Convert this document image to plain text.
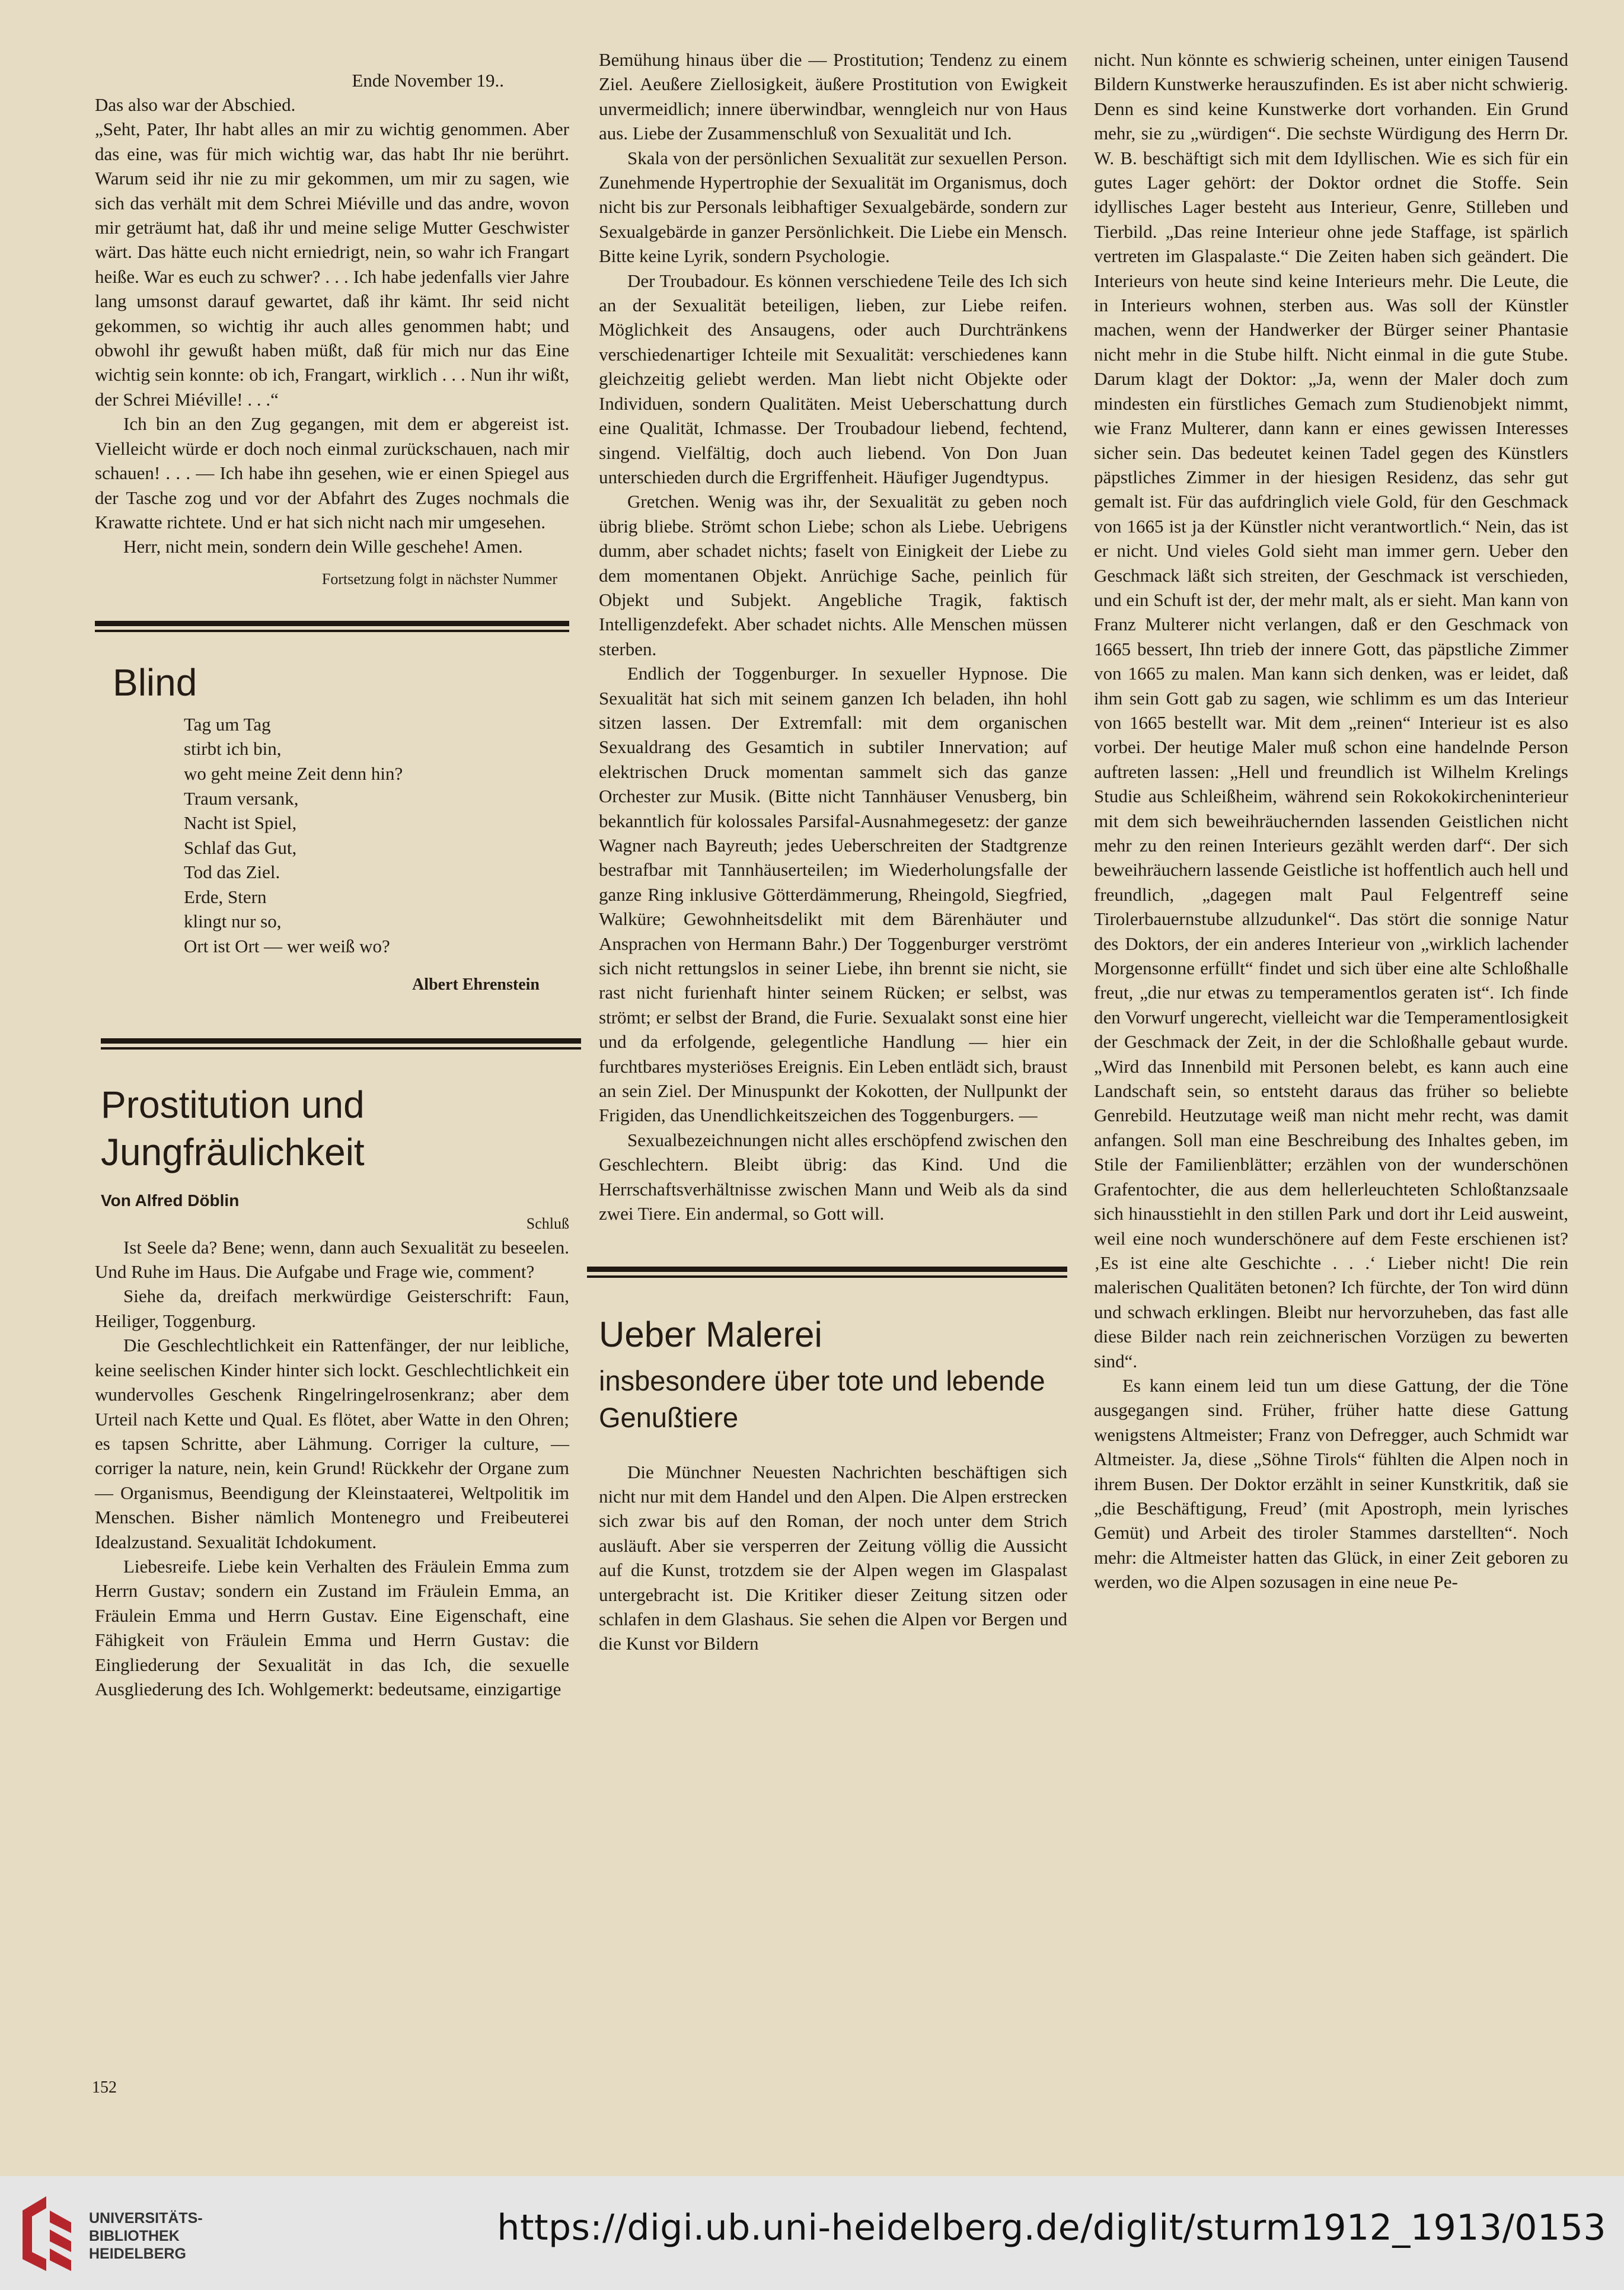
Ende November 19..

Das also war der Abschied.

„Seht, Pater, Ihr habt alles an mir zu wichtig genommen. Aber das eine, was für mich wichtig war, das habt Ihr nie berührt. Warum seid ihr nie zu mir gekommen, um mir zu sagen, wie sich das verhält mit dem Schrei Miéville und das andre, wovon mir geträumt hat, daß ihr und meine selige Mutter Geschwister wärt. Das hätte euch nicht erniedrigt, nein, so wahr ich Frangart heiße. War es euch zu schwer? . . . Ich habe jedenfalls vier Jahre lang umsonst darauf gewartet, daß ihr kämt. Ihr seid nicht gekommen, so wichtig ihr auch alles genommen habt; und obwohl ihr gewußt haben müßt, daß für mich nur das Eine wichtig sein konnte: ob ich, Frangart, wirklich . . . Nun ihr wißt, der Schrei Miéville! . . .“

Ich bin an den Zug gegangen, mit dem er abgereist ist. Vielleicht würde er doch noch einmal zurückschauen, nach mir schauen! . . . — Ich habe ihn gesehen, wie er einen Spiegel aus der Tasche zog und vor der Abfahrt des Zuges nochmals die Krawatte richtete. Und er hat sich nicht nach mir umgesehen.

Herr, nicht mein, sondern dein Wille geschehe! Amen.

Fortsetzung folgt in nächster Nummer

Blind
Tag um Tag
stirbt ich bin,
wo geht meine Zeit denn hin?
Traum versank,
Nacht ist Spiel,
Schlaf das Gut,
Tod das Ziel.
Erde, Stern
klingt nur so,
Ort ist Ort — wer weiß wo?

Albert Ehrenstein

Prostitution und Jungfräulichkeit

Von Alfred Döblin

Schluß

Ist Seele da? Bene; wenn, dann auch Sexualität zu beseelen. Und Ruhe im Haus. Die Aufgabe und Frage wie, comment?

Siehe da, dreifach merkwürdige Geisterschrift: Faun, Heiliger, Toggenburg.

Die Geschlechtlichkeit ein Rattenfänger, der nur leibliche, keine seelischen Kinder hinter sich lockt. Geschlechtlichkeit ein wundervolles Geschenk Ringelringelrosenkranz; aber dem Urteil nach Kette und Qual. Es flötet, aber Watte in den Ohren; es tapsen Schritte, aber Lähmung. Corriger la culture, — corriger la nature, nein, kein Grund! Rückkehr der Organe zum — Organismus, Beendigung der Kleinstaaterei, Weltpolitik im Menschen. Bisher nämlich Montenegro und Freibeuterei Idealzustand. Sexualität Ichdokument.

Liebesreife. Liebe kein Verhalten des Fräulein Emma zum Herrn Gustav; sondern ein Zustand im Fräulein Emma, an Fräulein Emma und Herrn Gustav. Eine Eigenschaft, eine Fähigkeit von Fräulein Emma und Herrn Gustav: die Eingliederung der Sexualität in das Ich, die sexuelle Ausgliederung des Ich. Wohlgemerkt: bedeutsame, einzigartige

Bemühung hinaus über die — Prostitution; Tendenz zu einem Ziel. Aeußere Ziellosigkeit, äußere Prostitution von Ewigkeit unvermeidlich; innere überwindbar, wenngleich nur von Haus aus. Liebe der Zusammenschluß von Sexualität und Ich.

Skala von der persönlichen Sexualität zur sexuellen Person. Zunehmende Hypertrophie der Sexualität im Organismus, doch nicht bis zur Personals leibhaftiger Sexualgebärde, sondern zur Sexualgebärde in ganzer Persönlichkeit. Die Liebe ein Mensch. Bitte keine Lyrik, sondern Psychologie.

Der Troubadour. Es können verschiedene Teile des Ich sich an der Sexualität beteiligen, lieben, zur Liebe reifen. Möglichkeit des Ansaugens, oder auch Durchtränkens verschiedenartiger Ichteile mit Sexualität: verschiedenes kann gleichzeitig geliebt werden. Man liebt nicht Objekte oder Individuen, sondern Qualitäten. Meist Ueberschattung durch eine Qualität, Ichmasse. Der Troubadour liebend, fechtend, singend. Vielfältig, doch auch liebend. Von Don Juan unterschieden durch die Ergriffenheit. Häufiger Jugendtypus.

Gretchen. Wenig was ihr, der Sexualität zu geben noch übrig bliebe. Strömt schon Liebe; schon als Liebe. Uebrigens dumm, aber schadet nichts; faselt von Einigkeit der Liebe zu dem momentanen Objekt. Anrüchige Sache, peinlich für Objekt und Subjekt. Angebliche Tragik, faktisch Intelligenzdefekt. Aber schadet nichts. Alle Menschen müssen sterben.

Endlich der Toggenburger. In sexueller Hypnose. Die Sexualität hat sich mit seinem ganzen Ich beladen, ihn hohl sitzen lassen. Der Extremfall: mit dem organischen Sexualdrang des Gesamtich in subtiler Innervation; auf elektrischen Druck momentan sammelt sich das ganze Orchester zur Musik. (Bitte nicht Tannhäuser Venusberg, bin bekanntlich für kolossales Parsifal-Ausnahmegesetz: der ganze Wagner nach Bayreuth; jedes Ueberschreiten der Stadtgrenze bestrafbar mit Tannhäuserteilen; im Wiederholungsfalle der ganze Ring inklusive Götterdämmerung, Rheingold, Siegfried, Walküre; Gewohnheitsdelikt mit dem Bärenhäuter und Ansprachen von Hermann Bahr.) Der Toggenburger verströmt sich nicht rettungslos in seiner Liebe, ihn brennt sie nicht, sie rast nicht furienhaft hinter seinem Rücken; er selbst, was strömt; er selbst der Brand, die Furie. Sexualakt sonst eine hier und da erfolgende, gelegentliche Handlung — hier ein furchtbares mysteriöses Ereignis. Ein Leben entlädt sich, braust an sein Ziel. Der Minuspunkt der Kokotten, der Nullpunkt der Frigiden, das Unendlichkeitszeichen des Toggenburgers. —

Sexualbezeichnungen nicht alles erschöpfend zwischen den Geschlechtern. Bleibt übrig: das Kind. Und die Herrschaftsverhältnisse zwischen Mann und Weib als da sind zwei Tiere. Ein andermal, so Gott will.

Ueber Malerei
insbesondere über tote und lebende Genußtiere

Die Münchner Neuesten Nachrichten beschäftigen sich nicht nur mit dem Handel und den Alpen. Die Alpen erstrecken sich zwar bis auf den Roman, der noch unter dem Strich ausläuft. Aber sie versperren der Zeitung völlig die Aussicht auf die Kunst, trotzdem sie der Alpen wegen im Glaspalast untergebracht ist. Die Kritiker dieser Zeitung sitzen oder schlafen in dem Glashaus. Sie sehen die Alpen vor Bergen und die Kunst vor Bildern

nicht. Nun könnte es schwierig scheinen, unter einigen Tausend Bildern Kunstwerke herauszufinden. Es ist aber nicht schwierig. Denn es sind keine Kunstwerke dort vorhanden. Ein Grund mehr, sie zu „würdigen“. Die sechste Würdigung des Herrn Dr. W. B. beschäftigt sich mit dem Idyllischen. Wie es sich für ein gutes Lager gehört: der Doktor ordnet die Stoffe. Sein idyllisches Lager besteht aus Interieur, Genre, Stilleben und Tierbild. „Das reine Interieur ohne jede Staffage, ist spärlich vertreten im Glaspalaste.“ Die Zeiten haben sich geändert. Die Interieurs von heute sind keine Interieurs mehr. Die Leute, die in Interieurs wohnen, sterben aus. Was soll der Künstler machen, wenn der Handwerker der Bürger seiner Phantasie nicht mehr in die Stube hilft. Nicht einmal in die gute Stube. Darum klagt der Doktor: „Ja, wenn der Maler doch zum mindesten ein fürstliches Gemach zum Studienobjekt nimmt, wie Franz Multerer, dann kann er eines gewissen Interesses sicher sein. Das bedeutet keinen Tadel gegen des Künstlers päpstliches Zimmer in der hiesigen Residenz, das sehr gut gemalt ist. Für das aufdringlich viele Gold, für den Geschmack von 1665 ist ja der Künstler nicht verantwortlich.“ Nein, das ist er nicht. Und vieles Gold sieht man immer gern. Ueber den Geschmack läßt sich streiten, der Geschmack ist verschieden, und ein Schuft ist der, der mehr malt, als er sieht. Man kann von Franz Multerer nicht verlangen, daß er den Geschmack von 1665 bessert, Ihn trieb der innere Gott, das päpstliche Zimmer von 1665 zu malen. Man kann sich denken, was er leidet, daß ihm sein Gott gab zu sagen, wie schlimm es um das Interieur von 1665 bestellt war. Mit dem „reinen“ Interieur ist es also vorbei. Der heutige Maler muß schon eine handelnde Person auftreten lassen: „Hell und freundlich ist Wilhelm Krelings Studie aus Schleißheim, während sein Rokokokircheninterieur mit dem sich beweihräuchernden lassenden Geistlichen nicht mehr zu den reinen Interieurs gezählt werden darf“. Der sich beweihräuchern lassende Geistliche ist hoffentlich auch hell und freundlich, „dagegen malt Paul Felgentreff seine Tirolerbauernstube allzudunkel“. Das stört die sonnige Natur des Doktors, der ein anderes Interieur von „wirklich lachender Morgensonne erfüllt“ findet und sich über eine alte Schloßhalle freut, „die nur etwas zu temperamentlos geraten ist“. Ich finde den Vorwurf ungerecht, vielleicht war die Temperamentlosigkeit der Geschmack der Zeit, in der die Schloßhalle gebaut wurde. „Wird das Innenbild mit Personen belebt, es kann auch eine Landschaft sein, so entsteht daraus das früher so beliebte Genrebild. Heutzutage weiß man nicht mehr recht, was damit anfangen. Soll man eine Beschreibung des Inhaltes geben, im Stile der Familienblätter; erzählen von der wunderschönen Grafentochter, die aus dem hellerleuchteten Schloßtanzsaale sich hinausstiehlt in den stillen Park und dort ihr Leid ausweint, weil eine noch wunderschönere auf dem Feste erschienen ist? ‚Es ist eine alte Geschichte . . .‘ Lieber nicht! Die rein malerischen Qualitäten betonen? Ich fürchte, der Ton wird dünn und schwach erklingen. Bleibt nur hervorzuheben, das fast alle diese Bilder nach rein zeichnerischen Vorzügen zu bewerten sind“.

Es kann einem leid tun um diese Gattung, der die Töne ausgegangen sind. Früher, früher hatte diese Gattung wenigstens Altmeister; Franz von Defregger, auch Schmidt war Altmeister. Ja, diese „Söhne Tirols“ fühlten die Alpen noch in ihrem Busen. Der Doktor erzählt in seiner Kunstkritik, daß sie „die Beschäftigung, Freud’ (mit Apostroph, mein lyrisches Gemüt) und Arbeit des tiroler Stammes darstellten“. Noch mehr: die Altmeister hatten das Glück, in einer Zeit geboren zu werden, wo die Alpen sozusagen in eine neue Pe-

152
UNIVERSITÄTS-
BIBLIOTHEK
HEIDELBERG
https://digi.ub.uni-heidelberg.de/diglit/sturm1912_1913/0153
